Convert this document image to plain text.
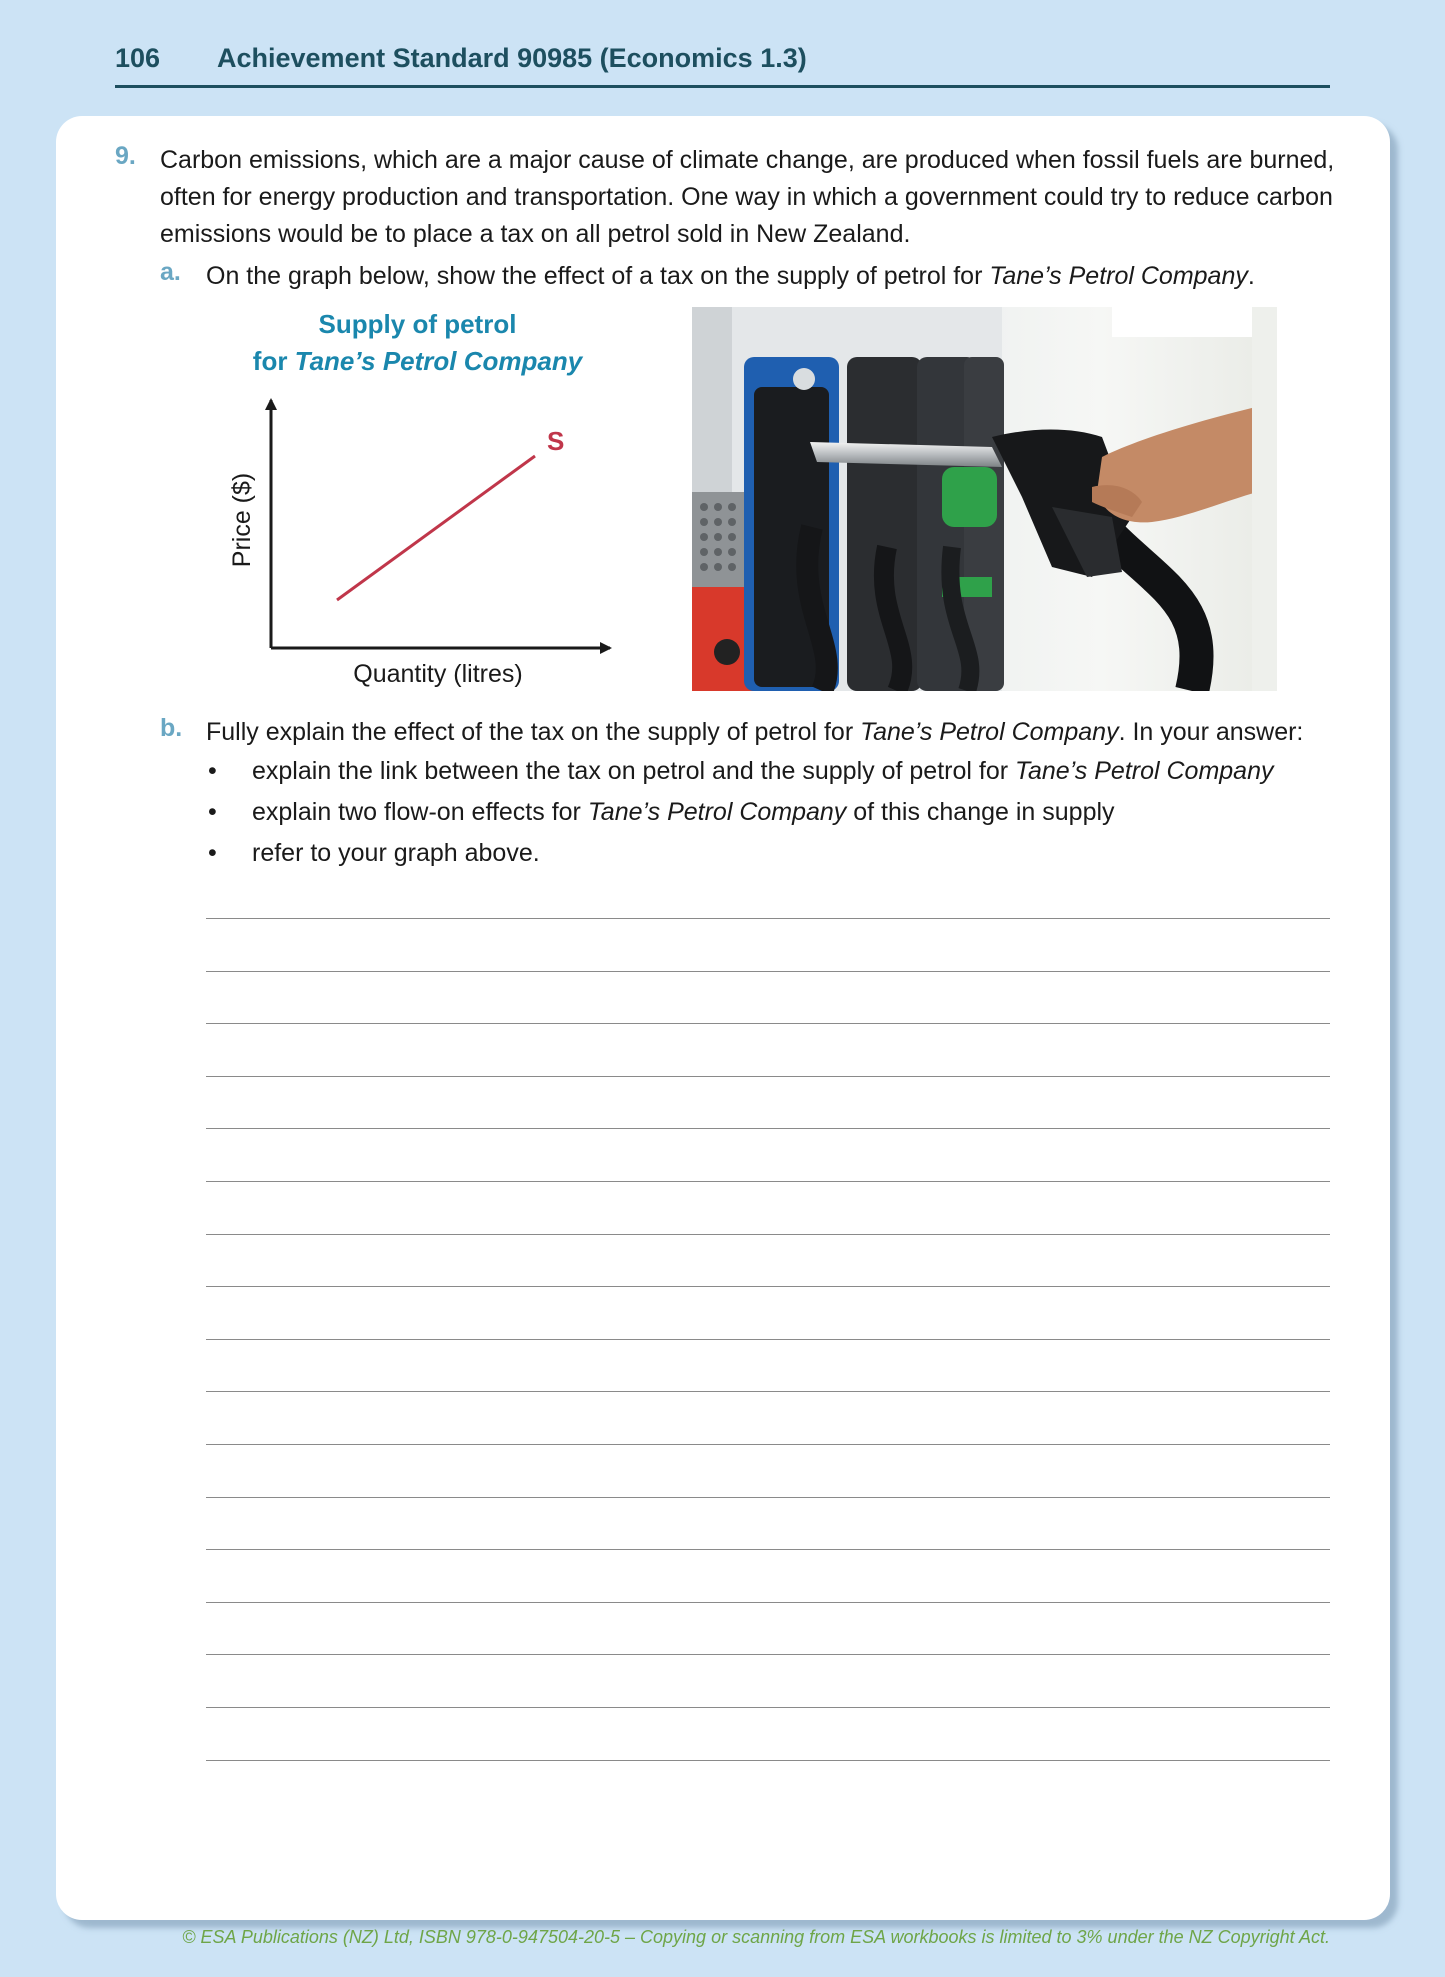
106	Achievement Standard 90985 (Economics 1.3)
9. Carbon emissions, which are a major cause of climate change, are produced when fossil fuels are burned,
often for energy production and transportation. One way in which a government could try to reduce carbon
emissions would be to place a tax on all petrol sold in New Zealand.
a. On the graph below, show the effect of a tax on the supply of petrol for Tane’s Petrol Company.
Supply of petrol
for Tane’s Petrol Company
S
Price ($)
Quantity (litres)
b. Fully explain the effect of the tax on the supply of petrol for Tane’s Petrol Company. In your answer:
• explain the link between the tax on petrol and the supply of petrol for Tane’s Petrol Company
• explain two flow-on effects for Tane’s Petrol Company of this change in supply
• refer to your graph above.
© ESA Publications (NZ) Ltd, ISBN 978-0-947504-20-5 – Copying or scanning from ESA workbooks is limited to 3% under the NZ Copyright Act.
